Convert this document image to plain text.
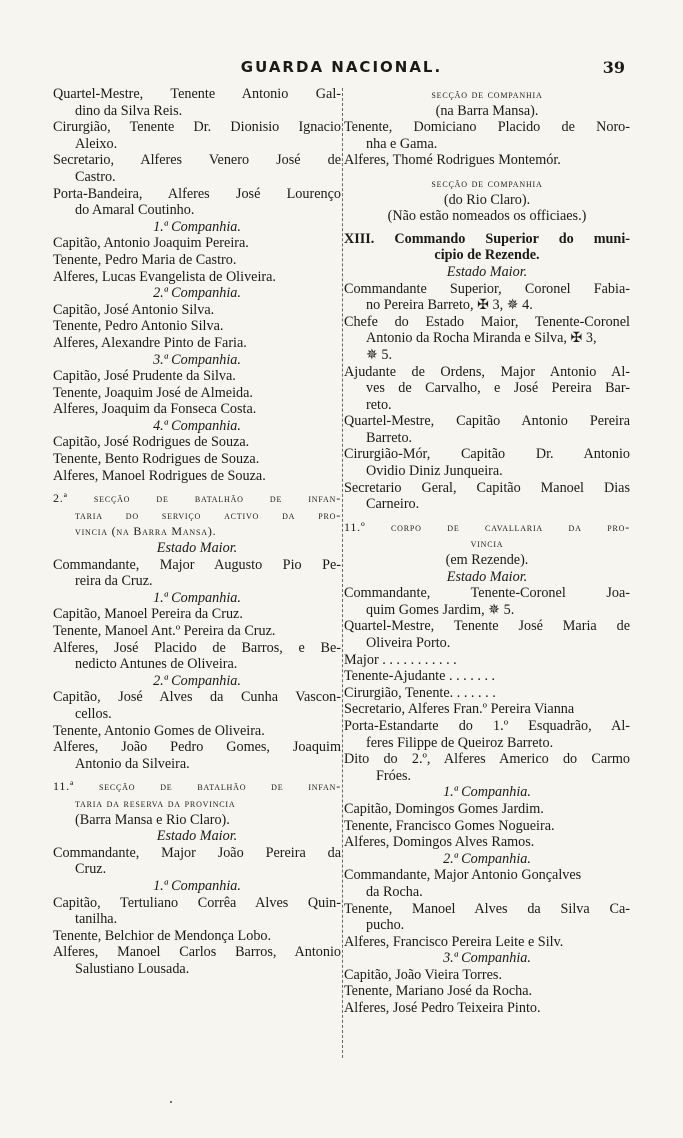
GUARDA NACIONAL.	39
Quartel-Mestre, Tenente Antonio Gal-
dino da Silva Reis.
Cirurgião, Tenente Dr. Dionisio Ignacio
Aleixo.
Secretario, Alferes Venero José de
Castro.
Porta-Bandeira, Alferes José Lourenço
do Amaral Coutinho.
1.ª Companhia.
Capitão, Antonio Joaquim Pereira.
Tenente, Pedro Maria de Castro.
Alferes, Lucas Evangelista de Oliveira.
2.ª Companhia.
Capitão, José Antonio Silva.
Tenente, Pedro Antonio Silva.
Alferes, Alexandre Pinto de Faria.
3.ª Companhia.
Capitão, José Prudente da Silva.
Tenente, Joaquim José de Almeida.
Alferes, Joaquim da Fonseca Costa.
4.ª Companhia.
Capitão, José Rodrigues de Souza.
Tenente, Bento Rodrigues de Souza.
Alferes, Manoel Rodrigues de Souza.
2.ª secção de batalhão de infan-
taria do serviço activo da pro-
vincia (na Barra Mansa).
Estado Maior.
Commandante, Major Augusto Pio Pe-
reira da Cruz.
1.ª Companhia.
Capitão, Manoel Pereira da Cruz.
Tenente, Manoel Ant.º Pereira da Cruz.
Alferes, José Placido de Barros, e Be-
nedicto Antunes de Oliveira.
2.ª Companhia.
Capitão, José Alves da Cunha Vascon-
cellos.
Tenente, Antonio Gomes de Oliveira.
Alferes, João Pedro Gomes, Joaquim
Antonio da Silveira.
11.ª secção de batalhão de infan-
taria da reserva da provincia
(Barra Mansa e Rio Claro).
Estado Maior.
Commandante, Major João Pereira da
Cruz.
1.ª Companhia.
Capitão, Tertuliano Corrêa Alves Quin-
tanilha.
Tenente, Belchior de Mendonça Lobo.
Alferes, Manoel Carlos Barros, Antonio
Salustiano Lousada.
secção de companhia
(na Barra Mansa).
Tenente, Domiciano Placido de Noro-
nha e Gama.
Alferes, Thomé Rodrigues Montemór.
secção de companhia
(do Rio Claro).
(Não estão nomeados os officiaes.)
XIII. Commando Superior do muni-
cipio de Rezende.
Estado Maior.
Commandante Superior, Coronel Fabia-
no Pereira Barreto, ✠ 3, ✵ 4.
Chefe do Estado Maior, Tenente-Coronel
Antonio da Rocha Miranda e Silva, ✠ 3,
✵ 5.
Ajudante de Ordens, Major Antonio Al-
ves de Carvalho, e José Pereira Bar-
reto.
Quartel-Mestre, Capitão Antonio Pereira
Barreto.
Cirurgião-Mór, Capitão Dr. Antonio
Ovidio Diniz Junqueira.
Secretario Geral, Capitão Manoel Dias
Carneiro.
11.º corpo de cavallaria da pro-
vincia
(em Rezende).
Estado Maior.
Commandante, Tenente-Coronel Joa-
quim Gomes Jardim, ✵ 5.
Quartel-Mestre, Tenente José Maria de
Oliveira Porto.
Major . . . . . . . . . . .
Tenente-Ajudante . . . . . . .
Cirurgião, Tenente. . . . . . .
Secretario, Alferes Fran.º Pereira Vianna
Porta-Estandarte do 1.º Esquadrão, Al-
feres Filippe de Queiroz Barreto.
Dito do 2.º, Alferes Americo do Carmo
Fróes.
1.ª Companhia.
Capitão, Domingos Gomes Jardim.
Tenente, Francisco Gomes Nogueira.
Alferes, Domingos Alves Ramos.
2.ª Companhia.
Commandante, Major Antonio Gonçalves
da Rocha.
Tenente, Manoel Alves da Silva Ca-
pucho.
Alferes, Francisco Pereira Leite e Silv.
3.ª Companhia.
Capitão, João Vieira Torres.
Tenente, Mariano José da Rocha.
Alferes, José Pedro Teixeira Pinto.
